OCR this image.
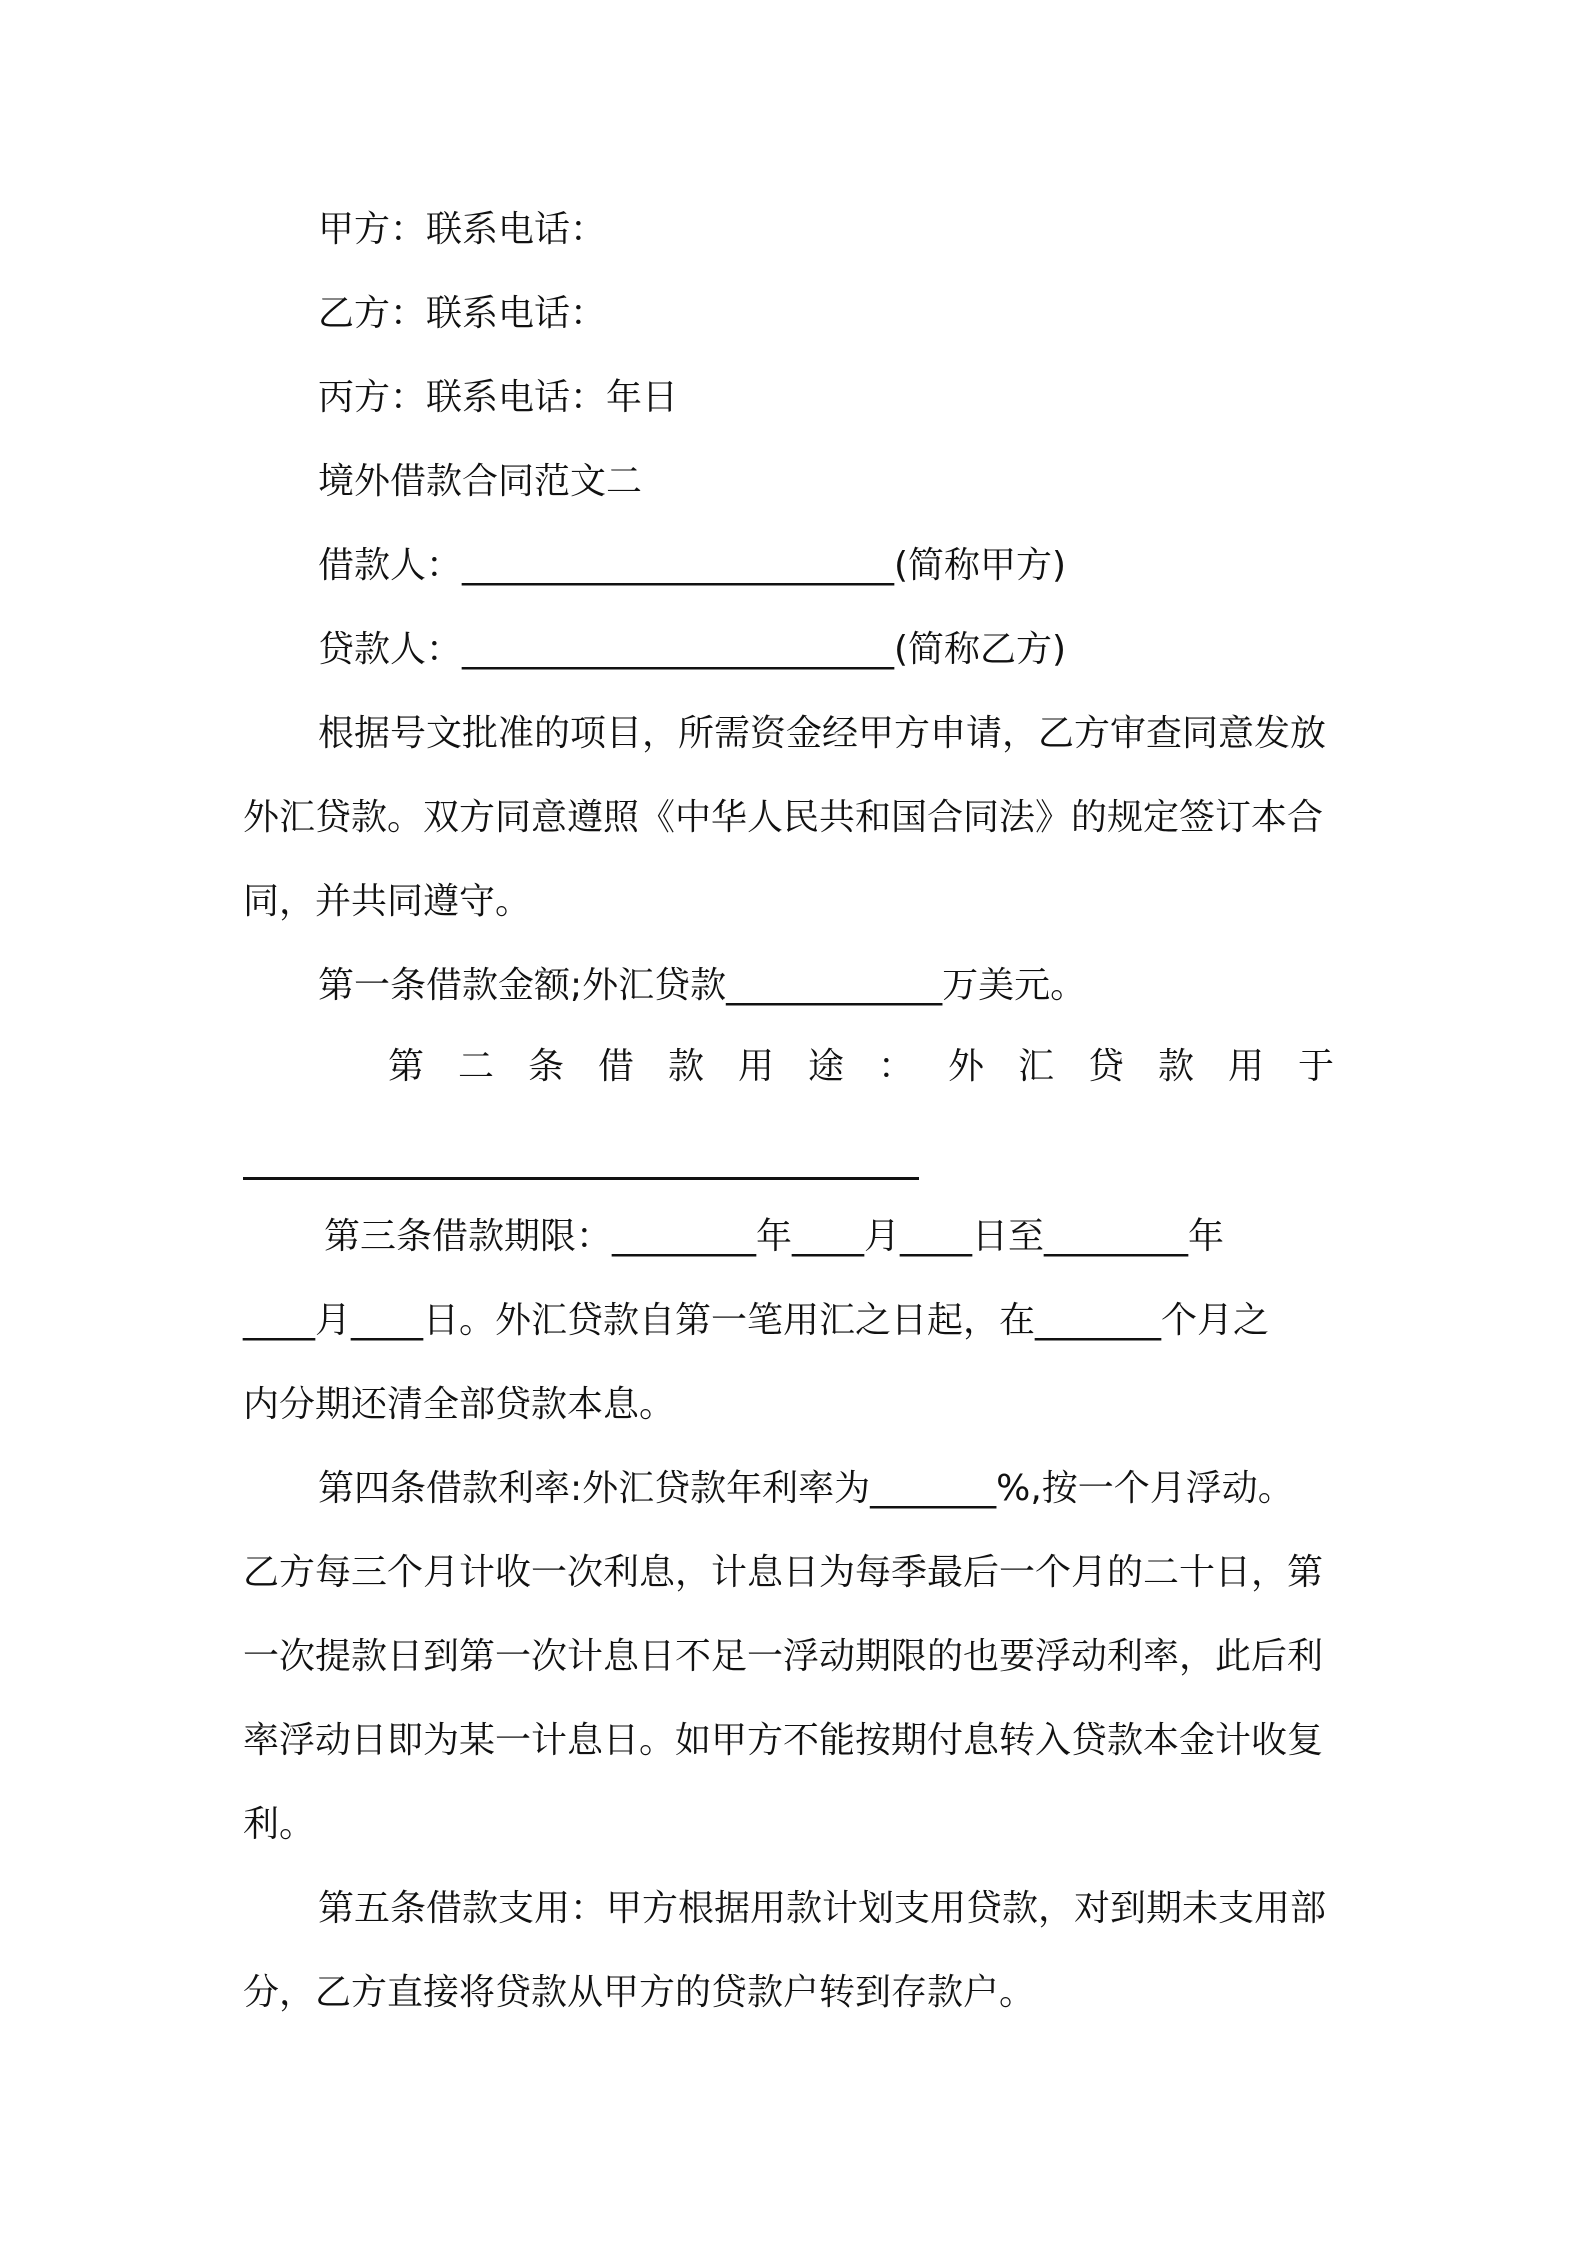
甲方：联系电话：
乙方：联系电话：
丙方：联系电话：年日
境外借款合同范文二
借款人：________________________(简称甲方)
贷款人：________________________(简称乙方)
根据号文批准的项目，所需资金经甲方申请，乙方审查同意发放
外汇贷款。双方同意遵照《中华人民共和国合同法》的规定签订本合
同，并共同遵守。
第一条借款金额;外汇贷款____________万美元。
第二条借款用途：外汇贷款用于
第三条借款期限：________年____月____日至________年
____月____日。外汇贷款自第一笔用汇之日起，在_______个月之
内分期还清全部贷款本息。
第四条借款利率:外汇贷款年利率为_______%,按一个月浮动。
乙方每三个月计收一次利息，计息日为每季最后一个月的二十日，第
一次提款日到第一次计息日不足一浮动期限的也要浮动利率，此后利
率浮动日即为某一计息日。如甲方不能按期付息转入贷款本金计收复
利。
第五条借款支用：甲方根据用款计划支用贷款，对到期未支用部
分，乙方直接将贷款从甲方的贷款户转到存款户。
